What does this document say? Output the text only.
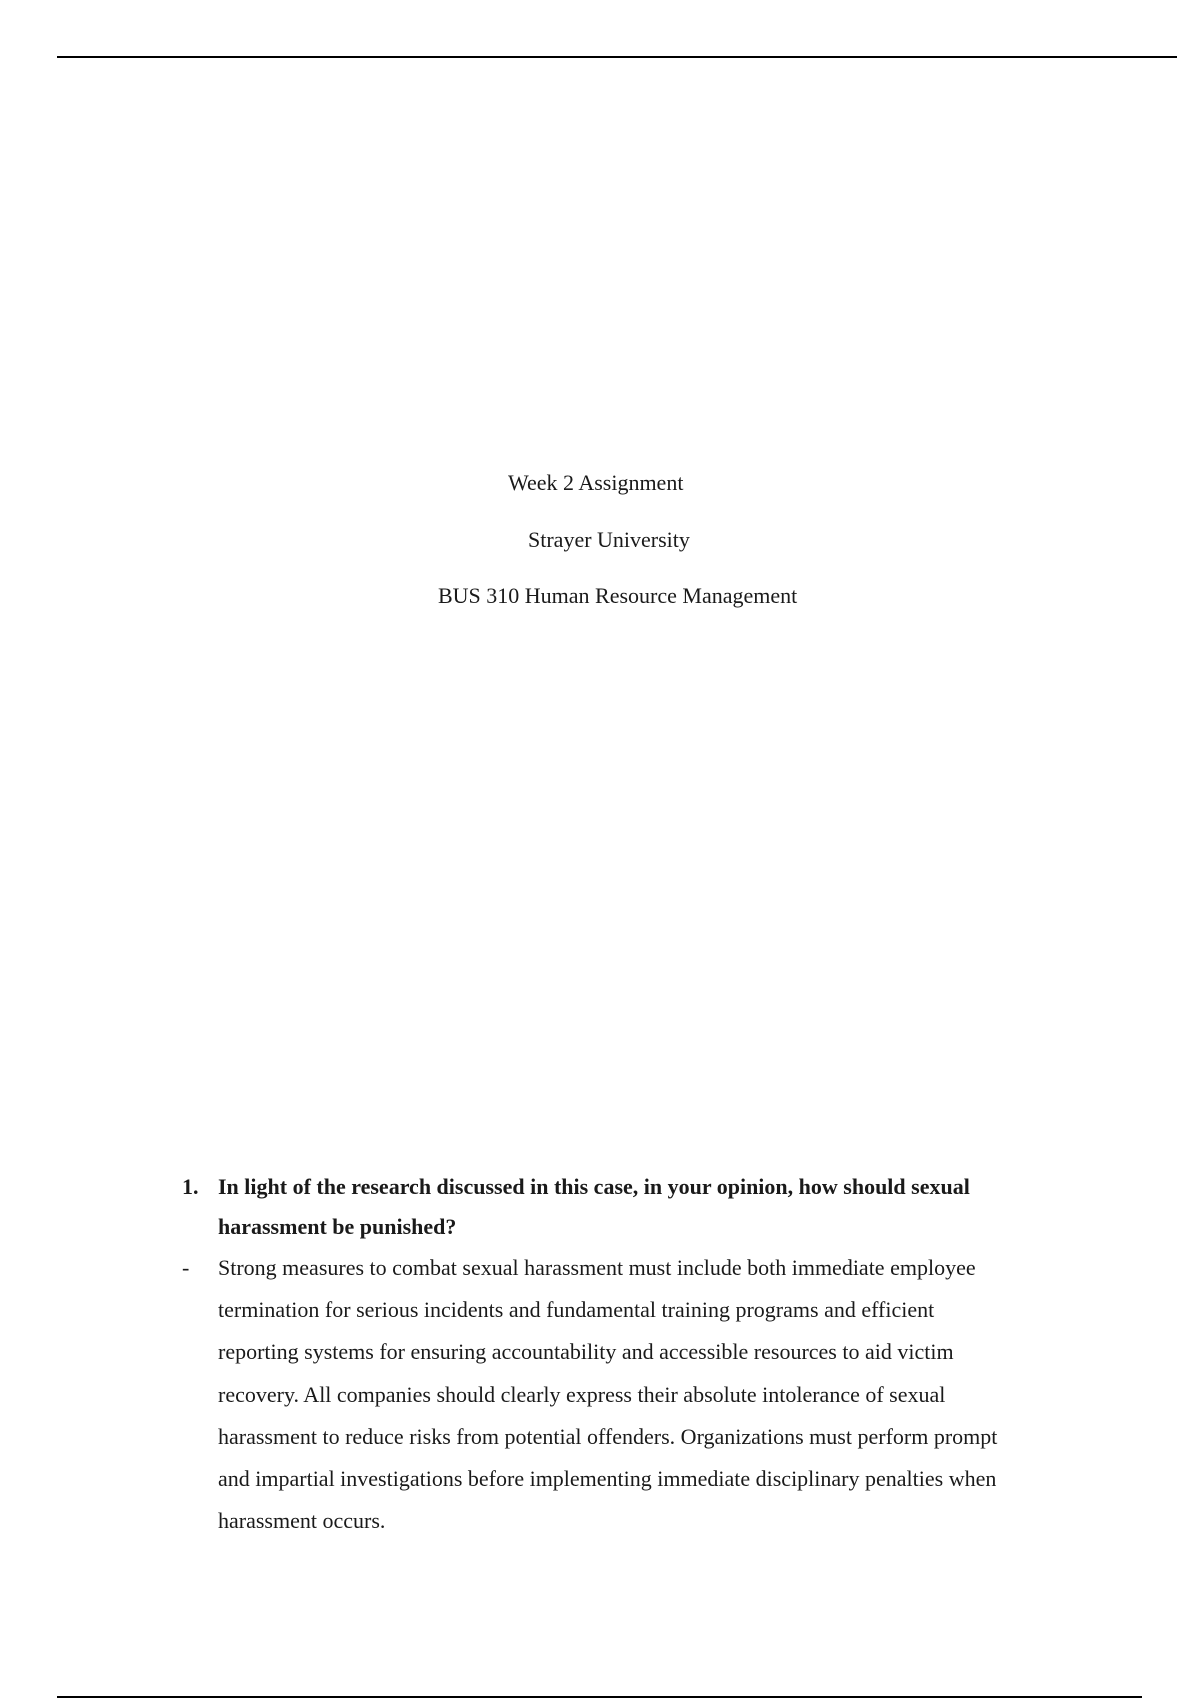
Week 2 Assignment
Strayer University
BUS 310 Human Resource Management
1. In light of the research discussed in this case, in your opinion, how should sexual
harassment be punished?
- Strong measures to combat sexual harassment must include both immediate employee
termination for serious incidents and fundamental training programs and efficient
reporting systems for ensuring accountability and accessible resources to aid victim
recovery. All companies should clearly express their absolute intolerance of sexual
harassment to reduce risks from potential offenders. Organizations must perform prompt
and impartial investigations before implementing immediate disciplinary penalties when
harassment occurs.
